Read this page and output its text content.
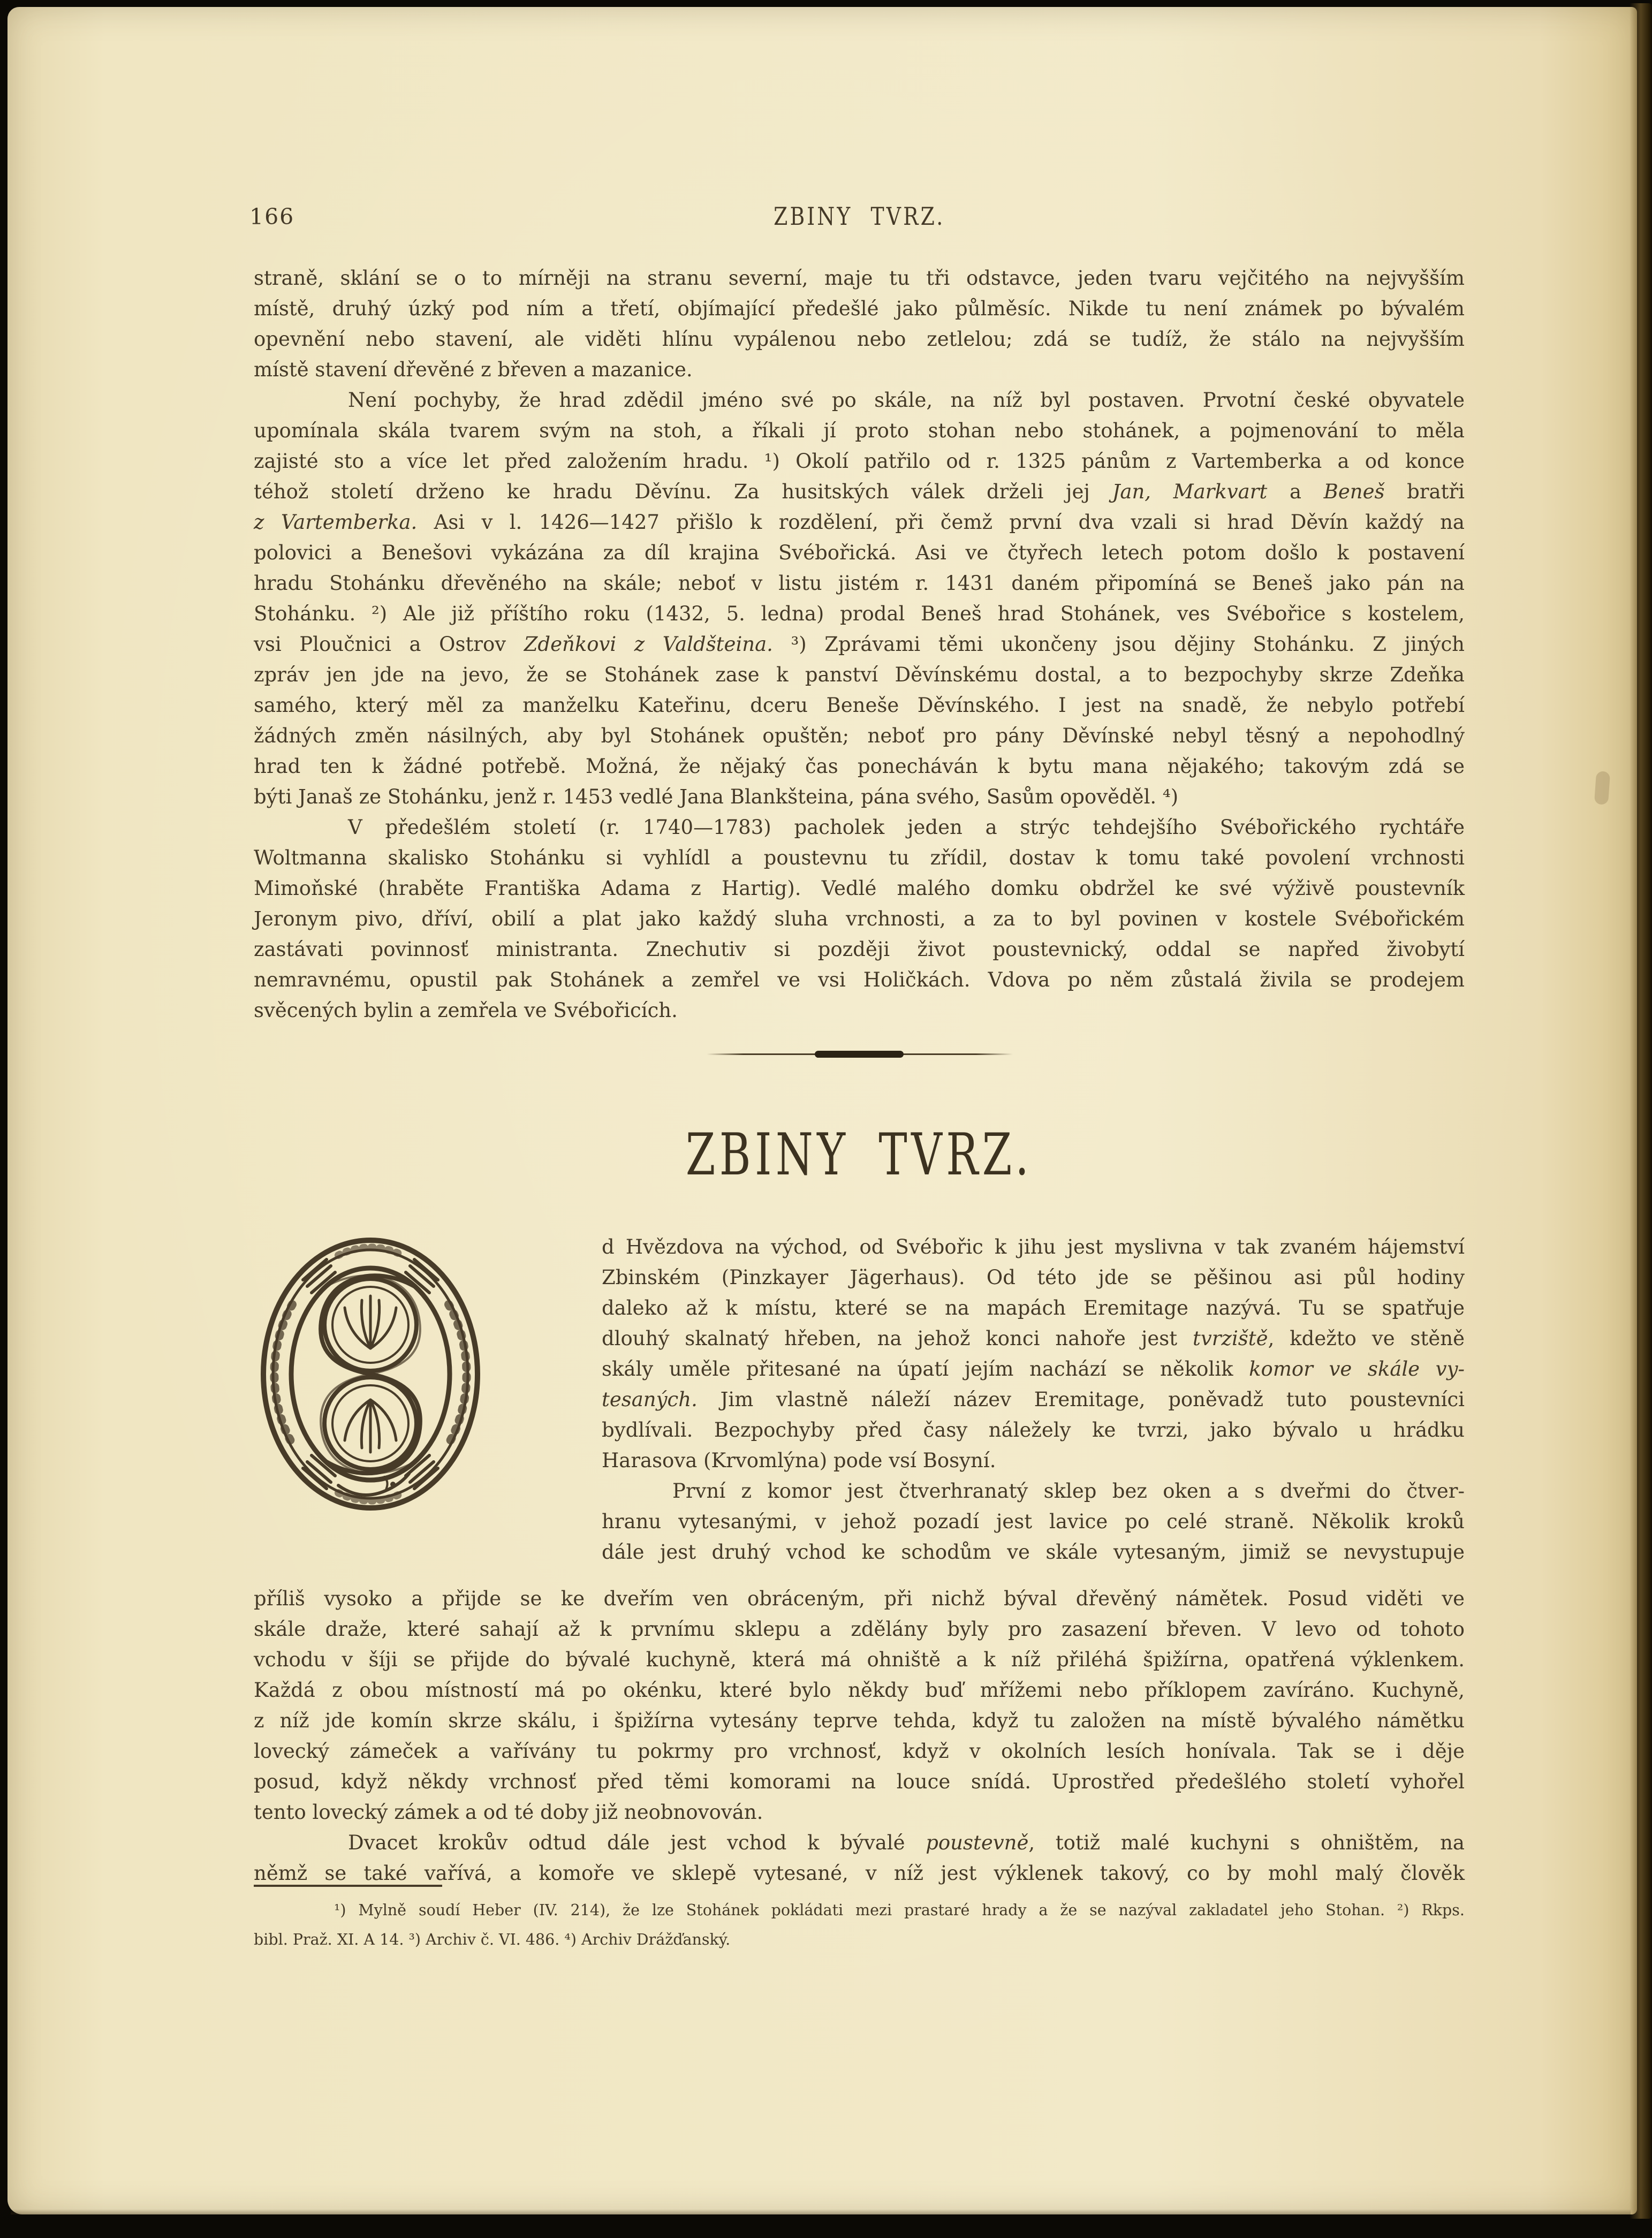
166	ZBINY TVRZ.
straně, sklání se o to mírněji na stranu severní, maje tu tři odstavce, jeden tvaru vejčitého na nejvyšším
místě, druhý úzký pod ním a třetí, objímající předešlé jako půlměsíc. Nikde tu není známek po bývalém
opevnění nebo stavení, ale viděti hlínu vypálenou nebo zetlelou; zdá se tudíž, že stálo na nejvyšším
místě stavení dřevěné z břeven a mazanice.
Není pochyby, že hrad zdědil jméno své po skále, na níž byl postaven. Prvotní české obyvatele
upomínala skála tvarem svým na stoh, a říkali jí proto stohan nebo stohánek, a pojmenování to měla
zajisté sto a více let před založením hradu. ¹) Okolí patřilo od r. 1325 pánům z Vartemberka a od konce
téhož století drženo ke hradu Děvínu. Za husitských válek drželi jej Jan, Markvart a Beneš bratři
z Vartemberka. Asi v l. 1426—1427 přišlo k rozdělení, při čemž první dva vzali si hrad Děvín každý na
polovici a Benešovi vykázána za díl krajina Svébořická. Asi ve čtyřech letech potom došlo k postavení
hradu Stohánku dřevěného na skále; neboť v listu jistém r. 1431 daném připomíná se Beneš jako pán na
Stohánku. ²) Ale již příštího roku (1432, 5. ledna) prodal Beneš hrad Stohánek, ves Svébořice s kostelem,
vsi Ploučnici a Ostrov Zdeňkovi z Valdšteina. ³) Zprávami těmi ukončeny jsou dějiny Stohánku. Z jiných
zpráv jen jde na jevo, že se Stohánek zase k panství Děvínskému dostal, a to bezpochyby skrze Zdeňka
samého, který měl za manželku Kateřinu, dceru Beneše Děvínského. I jest na snadě, že nebylo potřebí
žádných změn násilných, aby byl Stohánek opuštěn; neboť pro pány Děvínské nebyl těsný a nepohodlný
hrad ten k žádné potřebě. Možná, že nějaký čas ponecháván k bytu mana nějakého; takovým zdá se
býti Janaš ze Stohánku, jenž r. 1453 vedlé Jana Blankšteina, pána svého, Sasům opověděl. ⁴)
V předešlém století (r. 1740—1783) pacholek jeden a strýc tehdejšího Svébořického rychtáře
Woltmanna skalisko Stohánku si vyhlídl a poustevnu tu zřídil, dostav k tomu také povolení vrchnosti
Mimoňské (hraběte Františka Adama z Hartig). Vedlé malého domku obdržel ke své výživě poustevník
Jeronym pivo, dříví, obilí a plat jako každý sluha vrchnosti, a za to byl povinen v kostele Svébořickém
zastávati povinnosť ministranta. Znechutiv si později život poustevnický, oddal se napřed živobytí
nemravnému, opustil pak Stohánek a zemřel ve vsi Holičkách. Vdova po něm zůstalá živila se prodejem
svěcených bylin a zemřela ve Svébořicích.
ZBINY TVRZ.
d Hvězdova na východ, od Svébořic k jihu jest myslivna v tak zvaném hájemství
Zbinském (Pinzkayer Jägerhaus). Od této jde se pěšinou asi půl hodiny
daleko až k místu, které se na mapách Eremitage nazývá. Tu se spatřuje
dlouhý skalnatý hřeben, na jehož konci nahoře jest tvrziště, kdežto ve stěně
skály uměle přitesané na úpatí jejím nachází se několik komor ve skále vy-
tesaných. Jim vlastně náleží název Eremitage, poněvadž tuto poustevníci
bydlívali. Bezpochyby před časy náležely ke tvrzi, jako bývalo u hrádku
Harasova (Krvomlýna) pode vsí Bosyní.
První z komor jest čtverhranatý sklep bez oken a s dveřmi do čtver-
hranu vytesanými, v jehož pozadí jest lavice po celé straně. Několik kroků
dále jest druhý vchod ke schodům ve skále vytesaným, jimiž se nevystupuje
příliš vysoko a přijde se ke dveřím ven obráceným, při nichž býval dřevěný námětek. Posud viděti ve
skále draže, které sahají až k prvnímu sklepu a zdělány byly pro zasazení břeven. V levo od tohoto
vchodu v šíji se přijde do bývalé kuchyně, která má ohniště a k níž přiléhá špižírna, opatřená výklenkem.
Každá z obou místností má po okénku, které bylo někdy buď mřížemi nebo příklopem zavíráno. Kuchyně,
z níž jde komín skrze skálu, i špižírna vytesány teprve tehda, když tu založen na místě bývalého námětku
lovecký zámeček a vařívány tu pokrmy pro vrchnosť, když v okolních lesích honívala. Tak se i děje
posud, když někdy vrchnosť před těmi komorami na louce snídá. Uprostřed předešlého století vyhořel
tento lovecký zámek a od té doby již neobnovován.
Dvacet krokův odtud dále jest vchod k bývalé poustevně, totiž malé kuchyni s ohništěm, na
němž se také vařívá, a komoře ve sklepě vytesané, v níž jest výklenek takový, co by mohl malý člověk
¹) Mylně soudí Heber (IV. 214), že lze Stohánek pokládati mezi prastaré hrady a že se nazýval zakladatel jeho Stohan. ²) Rkps.
bibl. Praž. XI. A 14. ³) Archiv č. VI. 486. ⁴) Archiv Drážďanský.
